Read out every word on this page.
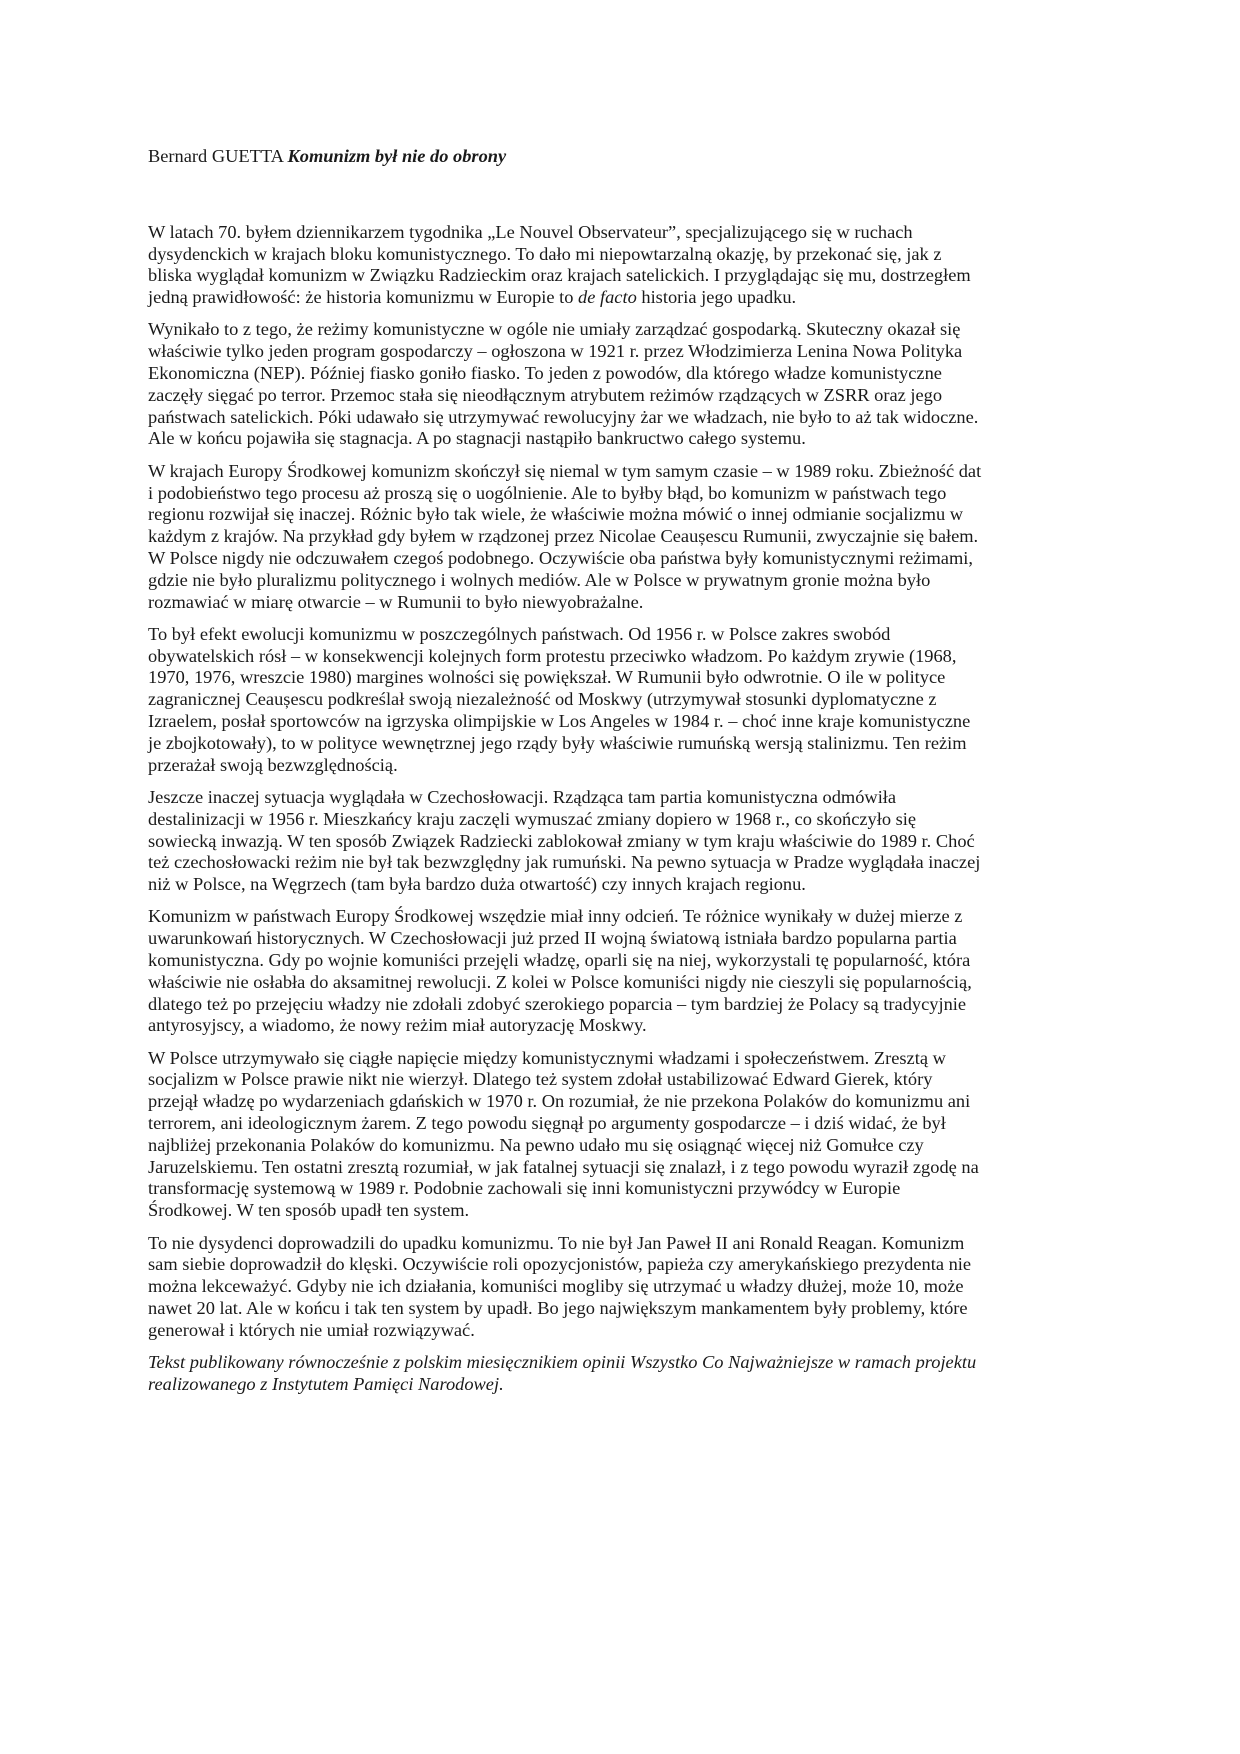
Bernard GUETTA Komunizm był nie do obrony

W latach 70. byłem dziennikarzem tygodnika „Le Nouvel Observateur”, specjalizującego się w ruchach
dysydenckich w krajach bloku komunistycznego. To dało mi niepowtarzalną okazję, by przekonać się, jak z
bliska wyglądał komunizm w Związku Radzieckim oraz krajach satelickich. I przyglądając się mu, dostrzegłem
jedną prawidłowość: że historia komunizmu w Europie to de facto historia jego upadku.

Wynikało to z tego, że reżimy komunistyczne w ogóle nie umiały zarządzać gospodarką. Skuteczny okazał się
właściwie tylko jeden program gospodarczy – ogłoszona w 1921 r. przez Włodzimierza Lenina Nowa Polityka
Ekonomiczna (NEP). Później fiasko goniło fiasko. To jeden z powodów, dla którego władze komunistyczne
zaczęły sięgać po terror. Przemoc stała się nieodłącznym atrybutem reżimów rządzących w ZSRR oraz jego
państwach satelickich. Póki udawało się utrzymywać rewolucyjny żar we władzach, nie było to aż tak widoczne.
Ale w końcu pojawiła się stagnacja. A po stagnacji nastąpiło bankructwo całego systemu.

W krajach Europy Środkowej komunizm skończył się niemal w tym samym czasie – w 1989 roku. Zbieżność dat
i podobieństwo tego procesu aż proszą się o uogólnienie. Ale to byłby błąd, bo komunizm w państwach tego
regionu rozwijał się inaczej. Różnic było tak wiele, że właściwie można mówić o innej odmianie socjalizmu w
każdym z krajów. Na przykład gdy byłem w rządzonej przez Nicolae Ceaușescu Rumunii, zwyczajnie się bałem.
W Polsce nigdy nie odczuwałem czegoś podobnego. Oczywiście oba państwa były komunistycznymi reżimami,
gdzie nie było pluralizmu politycznego i wolnych mediów. Ale w Polsce w prywatnym gronie można było
rozmawiać w miarę otwarcie – w Rumunii to było niewyobrażalne.

To był efekt ewolucji komunizmu w poszczególnych państwach. Od 1956 r. w Polsce zakres swobód
obywatelskich rósł – w konsekwencji kolejnych form protestu przeciwko władzom. Po każdym zrywie (1968,
1970, 1976, wreszcie 1980) margines wolności się powiększał. W Rumunii było odwrotnie. O ile w polityce
zagranicznej Ceaușescu podkreślał swoją niezależność od Moskwy (utrzymywał stosunki dyplomatyczne z
Izraelem, posłał sportowców na igrzyska olimpijskie w Los Angeles w 1984 r. – choć inne kraje komunistyczne
je zbojkotowały), to w polityce wewnętrznej jego rządy były właściwie rumuńską wersją stalinizmu. Ten reżim
przerażał swoją bezwzględnością.

Jeszcze inaczej sytuacja wyglądała w Czechosłowacji. Rządząca tam partia komunistyczna odmówiła
destalinizacji w 1956 r. Mieszkańcy kraju zaczęli wymuszać zmiany dopiero w 1968 r., co skończyło się
sowiecką inwazją. W ten sposób Związek Radziecki zablokował zmiany w tym kraju właściwie do 1989 r. Choć
też czechosłowacki reżim nie był tak bezwzględny jak rumuński. Na pewno sytuacja w Pradze wyglądała inaczej
niż w Polsce, na Węgrzech (tam była bardzo duża otwartość) czy innych krajach regionu.

Komunizm w państwach Europy Środkowej wszędzie miał inny odcień. Te różnice wynikały w dużej mierze z
uwarunkowań historycznych. W Czechosłowacji już przed II wojną światową istniała bardzo popularna partia
komunistyczna. Gdy po wojnie komuniści przejęli władzę, oparli się na niej, wykorzystali tę popularność, która
właściwie nie osłabła do aksamitnej rewolucji. Z kolei w Polsce komuniści nigdy nie cieszyli się popularnością,
dlatego też po przejęciu władzy nie zdołali zdobyć szerokiego poparcia – tym bardziej że Polacy są tradycyjnie
antyrosyjscy, a wiadomo, że nowy reżim miał autoryzację Moskwy.

W Polsce utrzymywało się ciągłe napięcie między komunistycznymi władzami i społeczeństwem. Zresztą w
socjalizm w Polsce prawie nikt nie wierzył. Dlatego też system zdołał ustabilizować Edward Gierek, który
przejął władzę po wydarzeniach gdańskich w 1970 r. On rozumiał, że nie przekona Polaków do komunizmu ani
terrorem, ani ideologicznym żarem. Z tego powodu sięgnął po argumenty gospodarcze – i dziś widać, że był
najbliżej przekonania Polaków do komunizmu. Na pewno udało mu się osiągnąć więcej niż Gomułce czy
Jaruzelskiemu. Ten ostatni zresztą rozumiał, w jak fatalnej sytuacji się znalazł, i z tego powodu wyraził zgodę na
transformację systemową w 1989 r. Podobnie zachowali się inni komunistyczni przywódcy w Europie
Środkowej. W ten sposób upadł ten system.

To nie dysydenci doprowadzili do upadku komunizmu. To nie był Jan Paweł II ani Ronald Reagan. Komunizm
sam siebie doprowadził do klęski. Oczywiście roli opozycjonistów, papieża czy amerykańskiego prezydenta nie
można lekceważyć. Gdyby nie ich działania, komuniści mogliby się utrzymać u władzy dłużej, może 10, może
nawet 20 lat. Ale w końcu i tak ten system by upadł. Bo jego największym mankamentem były problemy, które
generował i których nie umiał rozwiązywać.

Tekst publikowany równocześnie z polskim miesięcznikiem opinii Wszystko Co Najważniejsze w ramach projektu
realizowanego z Instytutem Pamięci Narodowej.
